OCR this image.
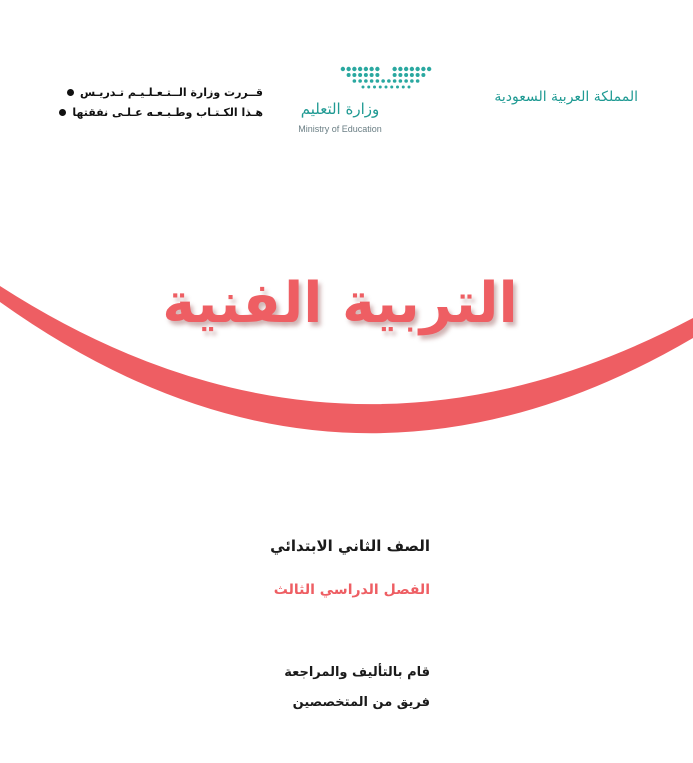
المملكة العربية السعودية
وزارة التعليم
Ministry of Education
قــررت وزارة الــتـعـلـيـم تـدريـس
هـذا الكـتـاب وطـبـعـه عـلـى نفقتها
التربية الفنية
الصف الثاني الابتدائي
الفصل الدراسي الثالث
قام بالتأليف والمراجعة
فريق من المتخصصين
